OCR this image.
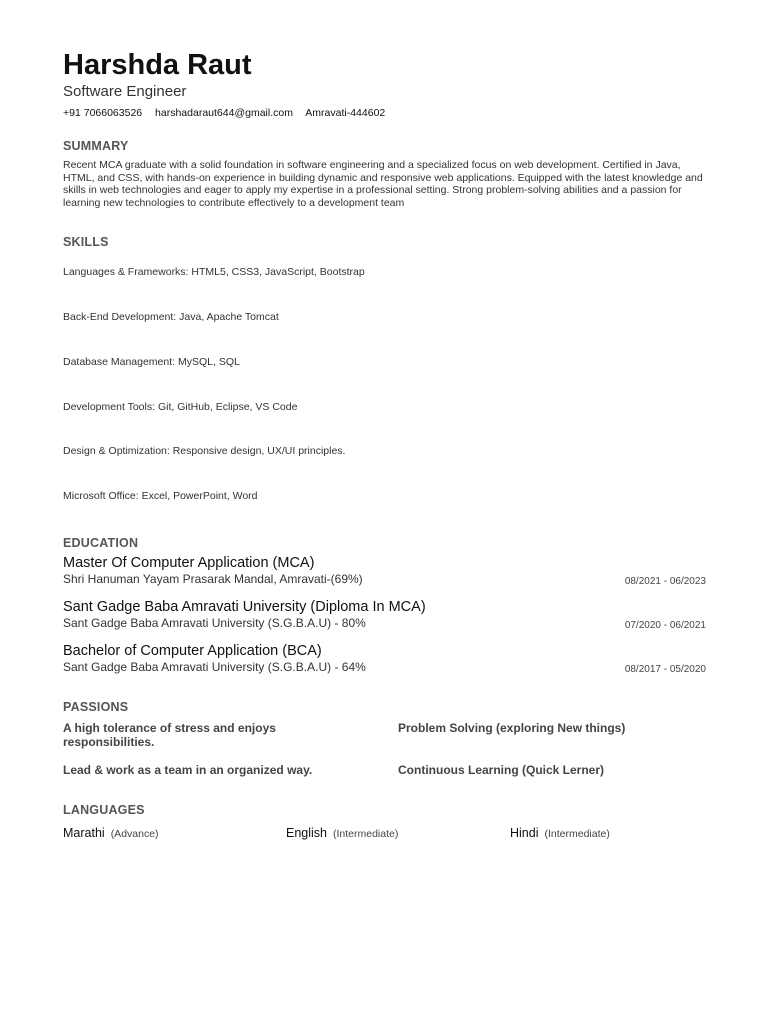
Harshda Raut
Software Engineer
+91 7066063526 harshadaraut644@gmail.com Amravati-444602
SUMMARY
Recent MCA graduate with a solid foundation in software engineering and a specialized focus on web development. Certified in Java, HTML, and CSS, with hands-on experience in building dynamic and responsive web applications. Equipped with the latest knowledge and skills in web technologies and eager to apply my expertise in a professional setting. Strong problem-solving abilities and a passion for learning new technologies to contribute effectively to a development team
SKILLS
Languages & Frameworks: HTML5, CSS3, JavaScript, Bootstrap
Back-End Development: Java, Apache Tomcat
Database Management: MySQL, SQL
Development Tools: Git, GitHub, Eclipse, VS Code
Design & Optimization: Responsive design, UX/UI principles.
Microsoft Office: Excel, PowerPoint, Word
EDUCATION
Master Of Computer Application (MCA)
Shri Hanuman Yayam Prasarak Mandal, Amravati-(69%)	08/2021 - 06/2023
Sant Gadge Baba Amravati University (Diploma In MCA)
Sant Gadge Baba Amravati University (S.G.B.A.U) - 80%	07/2020 - 06/2021
Bachelor of Computer Application (BCA)
Sant Gadge Baba Amravati University (S.G.B.A.U) - 64%	08/2017 - 05/2020
PASSIONS
A high tolerance of stress and enjoys responsibilities.
Problem Solving (exploring New things)
Lead & work as a team in an organized way.	Continuous Learning (Quick Lerner)
LANGUAGES
Marathi (Advance)	English (Intermediate)	Hindi (Intermediate)
